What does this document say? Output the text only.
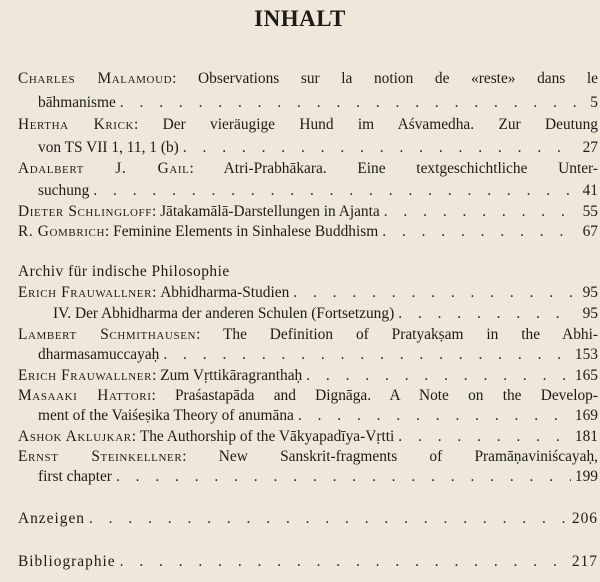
INHALT
Charles Malamoud: Observations sur la notion de «reste» dans le
bāhmanisme . . .	5
Hertha Krick: Der vieräugige Hund im Aśvamedha. Zur Deutung
von TS VII 1, 11, 1 (b) . . .	27
Adalbert J. Gail: Atri-Prabhākara. Eine textgeschichtliche Unter-
suchung . . .	41
Dieter Schlingloff : Jātakamālā-Darstellungen in Ajanta . . .	55
R. Gombrich : Feminine Elements in Sinhalese Buddhism . . .	67
Archiv für indische Philosophie
Erich Frauwallner : Abhidharma-Studien . . .	95
IV. Der Abhidharma der anderen Schulen (Fortsetzung) . . .	95
Lambert Schmithausen: The Definition of Pratyakṣam in the Abhi-
dharmasamuccayaḥ . . .	153
Erich Frauwallner : Zum Vṛttikāragranthaḥ . . .	165
Masaaki Hattori: Praśastapāda and Dignāga. A Note on the Develop-
ment of the Vaiśeṣika Theory of anumāna . . .	169
Ashok Aklujkar : The Authorship of the Vākyapadīya-Vṛtti . . .	181
Ernst Steinkellner: New Sanskrit-fragments of Pramāṇaviniścayaḥ,
first chapter . . .	199
Anzeigen . . .	206
Bibliographie . . .	217
